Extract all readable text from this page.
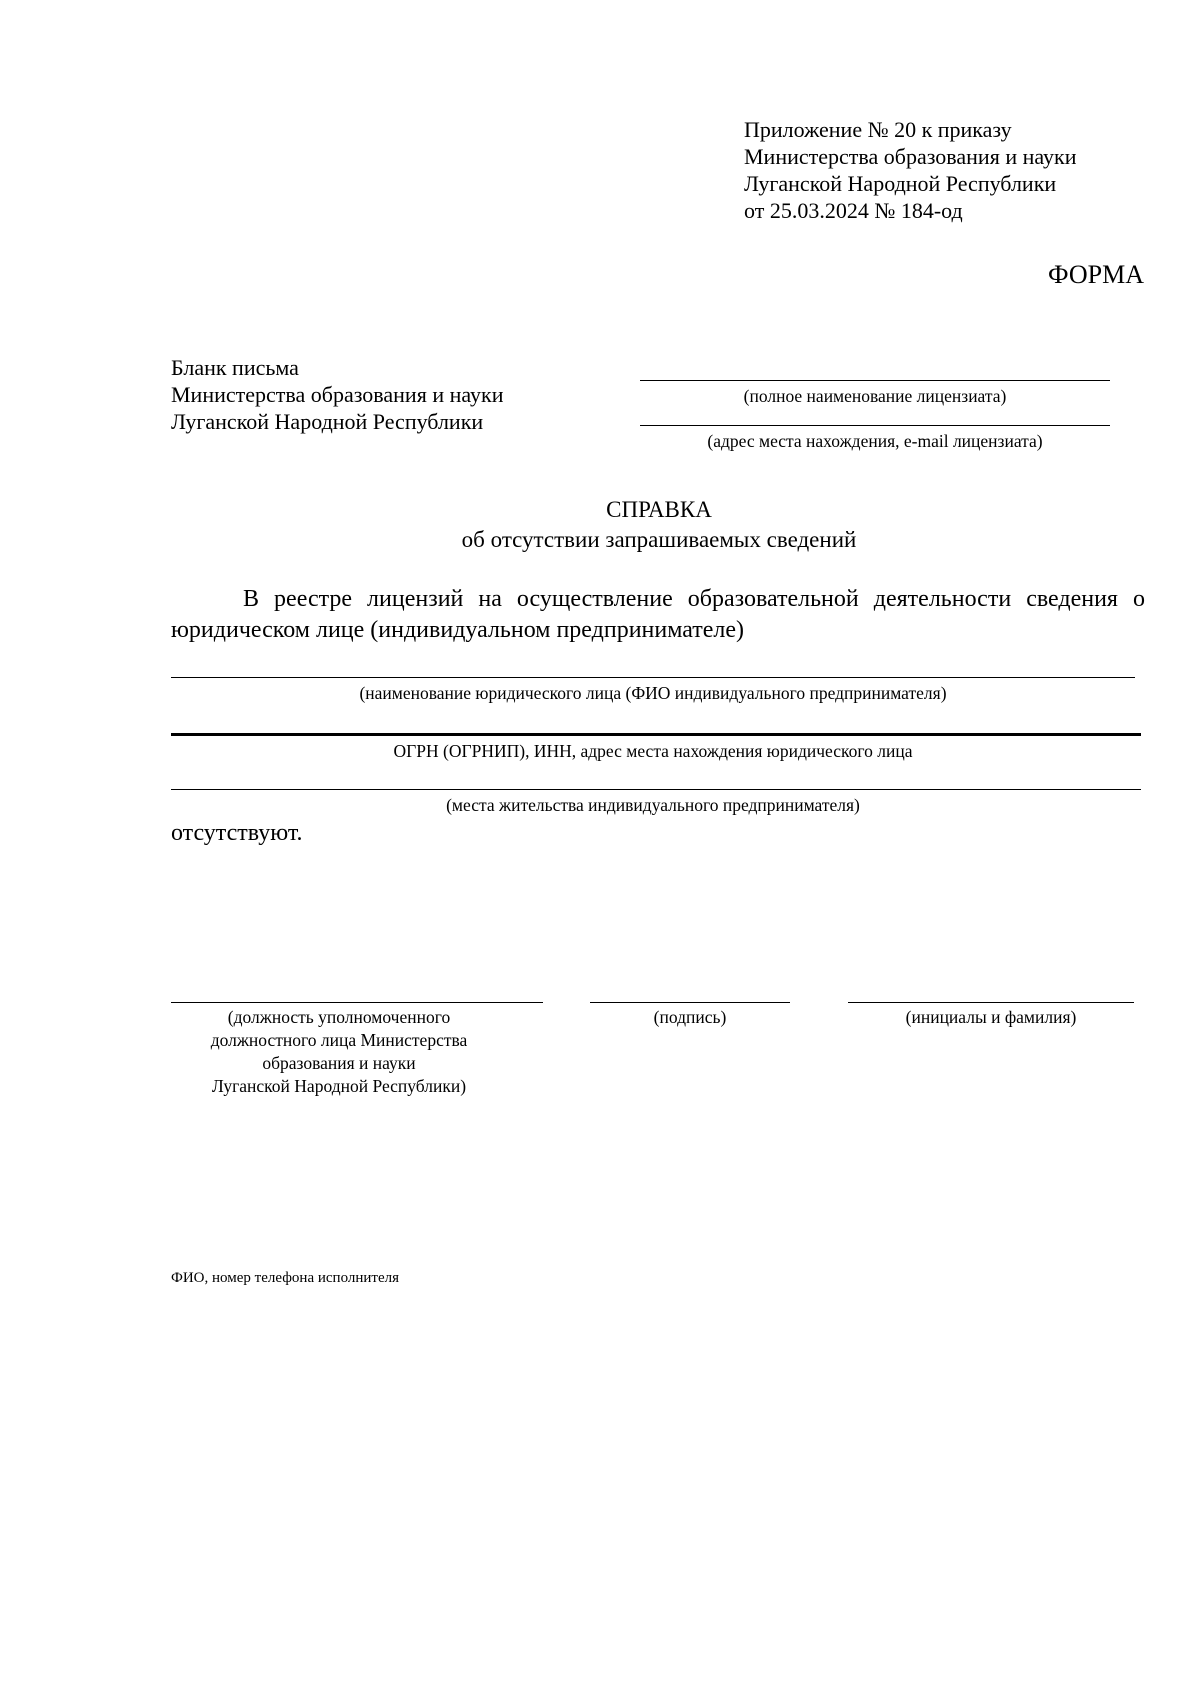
Приложение № 20 к приказу
Министерства образования и науки
Луганской Народной Республики
от 25.03.2024 № 184-од
ФОРМА
Бланк письма
Министерства образования и науки
Луганской Народной Республики
(полное наименование лицензиата)
(адрес места нахождения, e-mail лицензиата)
СПРАВКА
об отсутствии запрашиваемых сведений
В реестре лицензий на осуществление образовательной деятельности сведения о юридическом лице (индивидуальном предпринимателе)
(наименование юридического лица (ФИО индивидуального предпринимателя)
ОГРН (ОГРНИП), ИНН, адрес места нахождения юридического лица
(места жительства индивидуального предпринимателя)
отсутствуют.
(должность уполномоченного
должностного лица Министерства
образования и науки
Луганской Народной Республики)
(подпись)	(инициалы и фамилия)
ФИО, номер телефона исполнителя
